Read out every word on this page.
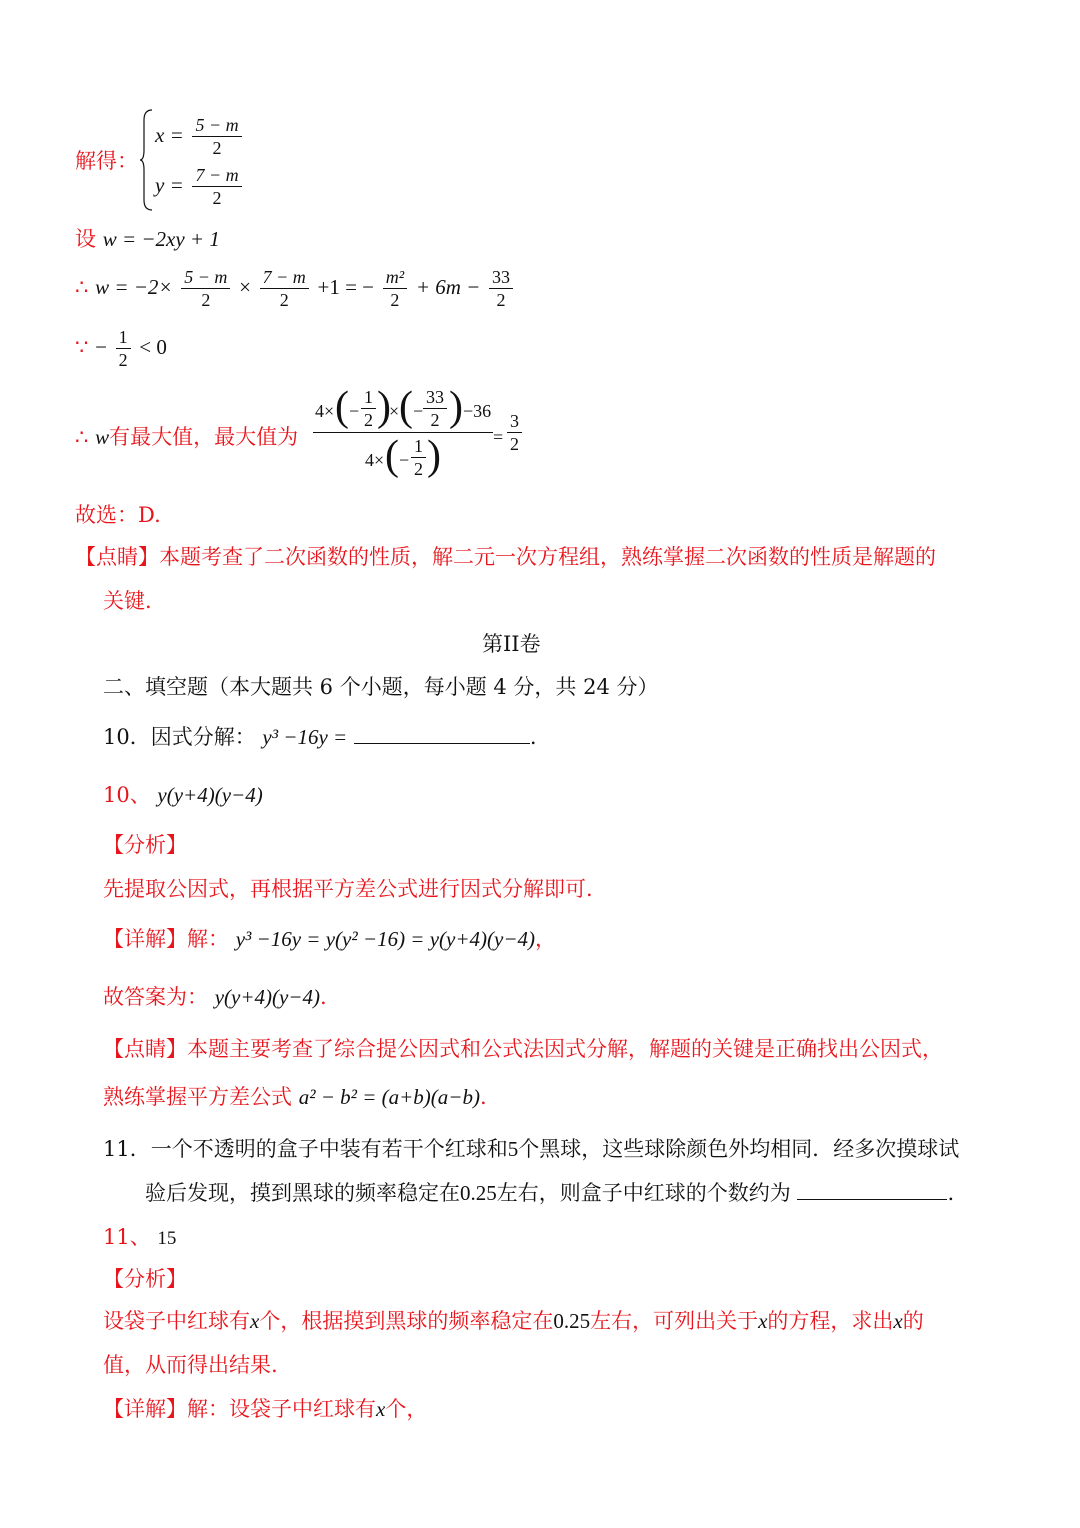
解得：
$x = \frac{5 - m}{2}$
$y = \frac{7 - m}{2}$
设 w = −2xy + 1
∴ $w = -2\times \frac{5 - m}{2} \times \frac{7 - m}{2} +1$ = − $\frac{\text{m²}}{2} + 6m - \frac{33}{2}$
∵ − $\frac{1}{2} < 0$
∴ w有最大值，最大值为
4× ( − $\frac{1}{2}$ )
× ( − $\frac{33}{2}$ ) −36
4× ( − $\frac{1}{2}$ )	= $\frac{3}{2}$
故选：D.
【点睛】本题考查了二次函数的性质，解二元一次方程组，熟练掌握二次函数的性质是解题的
关键.
第II卷
二、填空题（本大题共 6 个小题，每小题 4 分，共 24 分）
10．因式分解： y³ −16y =	.
10、 y(y+4)(y−4)
【分析】
先提取公因式，再根据平方差公式进行因式分解即可.
【详解】解： y³ −16y = y(y² −16) = y(y+4)(y−4)，
故答案为： y(y+4)(y−4).
【点睛】本题主要考查了综合提公因式和公式法因式分解，解题的关键是正确找出公因式，
熟练掌握平方差公式 a² − b² = (a+b)(a−b).
11．一个不透明的盒子中装有若干个红球和5个黑球，这些球除颜色外均相同．经多次摸球试
验后发现，摸到黑球的频率稳定在0.25左右，则盒子中红球的个数约为	.
11、 15
【分析】
设袋子中红球有x个，根据摸到黑球的频率稳定在0.25左右，可列出关于x的方程，求出x的
值，从而得出结果.
【详解】解：设袋子中红球有x个，
